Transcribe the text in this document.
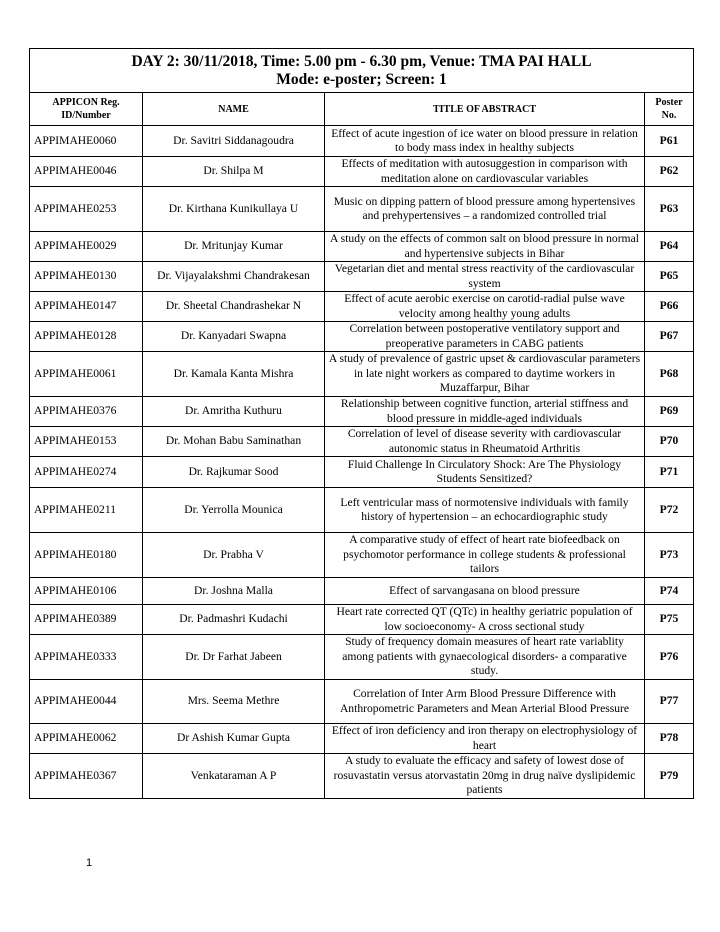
DAY 2: 30/11/2018, Time: 5.00 pm - 6.30 pm, Venue: TMA PAI HALL
Mode: e-poster; Screen: 1			

APPICON Reg. ID/Number	NAME	TITLE OF ABSTRACT	Poster No.
APPIMAHE0060	Dr. Savitri Siddanagoudra	Effect of acute ingestion of ice water on blood pressure in relation to body mass index in healthy subjects	P61
APPIMAHE0046	Dr. Shilpa M	Effects of meditation with autosuggestion in comparison with meditation alone on cardiovascular variables	P62
APPIMAHE0253	Dr. Kirthana Kunikullaya U	Music on dipping pattern of blood pressure among hypertensives and prehypertensives – a randomized controlled trial	P63
APPIMAHE0029	Dr. Mritunjay Kumar	A study on the effects of common salt on blood pressure in normal and hypertensive subjects in Bihar	P64
APPIMAHE0130	Dr. Vijayalakshmi Chandrakesan	Vegetarian diet and mental stress reactivity of the cardiovascular system	P65
APPIMAHE0147	Dr. Sheetal Chandrashekar N	Effect of acute aerobic exercise on carotid-radial pulse wave velocity among healthy young adults	P66
APPIMAHE0128	Dr. Kanyadari Swapna	Correlation between postoperative ventilatory support and preoperative parameters in CABG patients	P67
APPIMAHE0061	Dr. Kamala Kanta Mishra	A study of prevalence of gastric upset & cardiovascular parameters in late night workers as compared to daytime workers in Muzaffarpur, Bihar	P68
APPIMAHE0376	Dr. Amritha Kuthuru	Relationship between cognitive function, arterial stiffness and blood pressure in middle-aged individuals	P69
APPIMAHE0153	Dr. Mohan Babu Saminathan	Correlation of level of disease severity with cardiovascular autonomic status in Rheumatoid Arthritis	P70
APPIMAHE0274	Dr. Rajkumar Sood	Fluid Challenge In Circulatory Shock: Are The Physiology Students Sensitized?	P71
APPIMAHE0211	Dr. Yerrolla Mounica	Left ventricular mass of normotensive individuals with family history of hypertension – an echocardiographic study	P72
APPIMAHE0180	Dr. Prabha V	A comparative study of effect of heart rate biofeedback on psychomotor performance in college students & professional tailors	P73
APPIMAHE0106	Dr. Joshna Malla	Effect of sarvangasana on blood pressure	P74
APPIMAHE0389	Dr. Padmashri Kudachi	Heart rate corrected QT (QTc) in healthy geriatric population of low socioeconomy- A cross sectional study	P75
APPIMAHE0333	Dr. Dr Farhat Jabeen	Study of frequency domain measures of heart rate variablity among patients with gynaecological disorders- a comparative study.	P76
APPIMAHE0044	Mrs. Seema Methre	Correlation of Inter Arm Blood Pressure Difference with Anthropometric Parameters and Mean Arterial Blood Pressure	P77
APPIMAHE0062	Dr Ashish Kumar Gupta	Effect of iron deficiency and iron therapy on electrophysiology of heart	P78
APPIMAHE0367	Venkataraman A P	A study to evaluate the efficacy and safety of lowest dose of rosuvastatin versus atorvastatin 20mg in drug naïve dyslipidemic patients	P79
1
